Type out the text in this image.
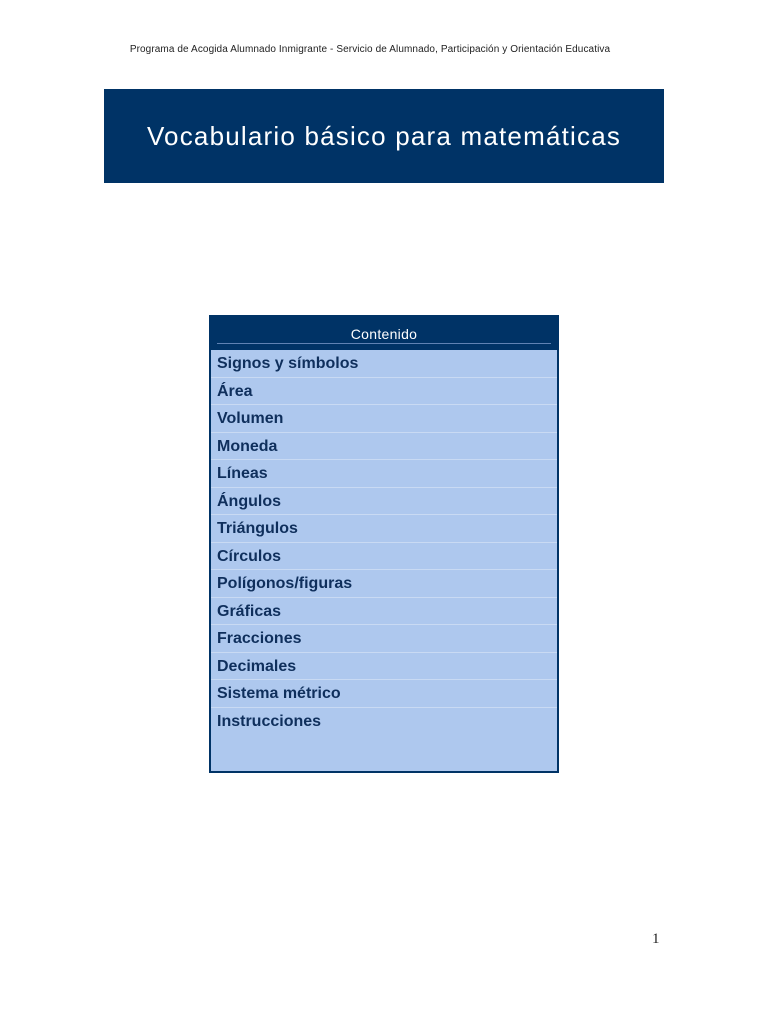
Programa de Acogida Alumnado Inmigrante - Servicio de Alumnado, Participación y Orientación Educativa
Vocabulario básico para matemáticas
Contenido
Signos y símbolos
Área
Volumen
Moneda
Líneas
Ángulos
Triángulos
Círculos
Polígonos/figuras
Gráficas
Fracciones
Decimales
Sistema métrico
Instrucciones
1
